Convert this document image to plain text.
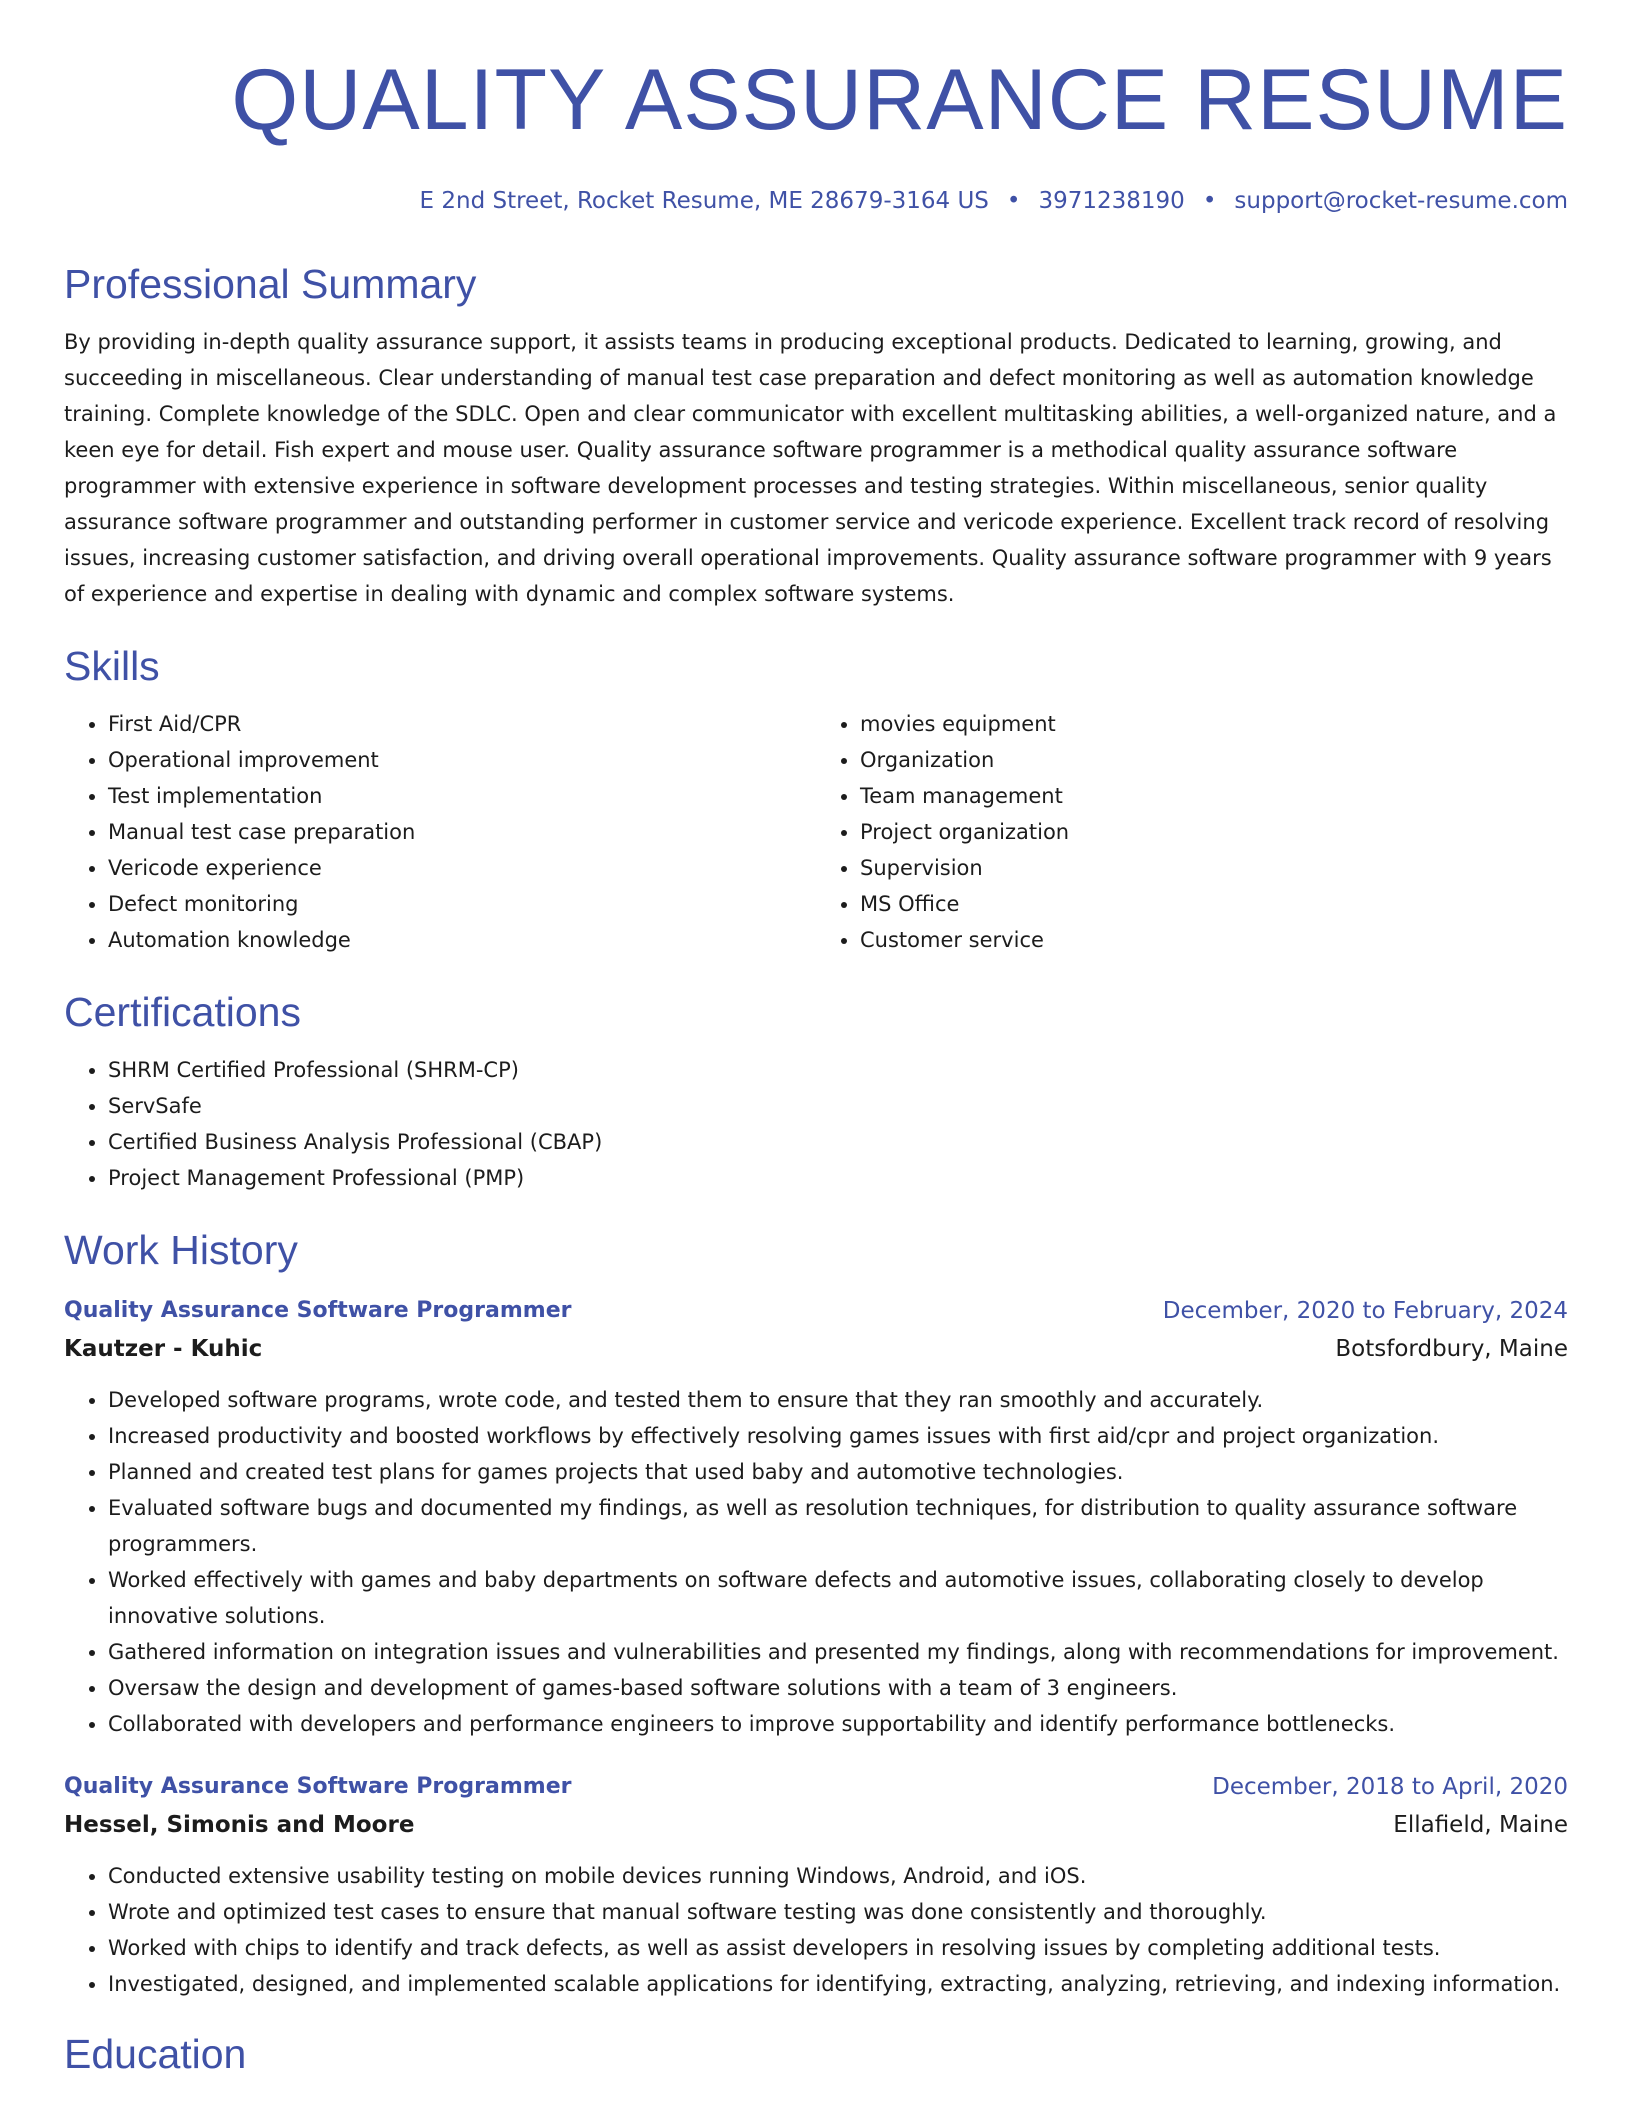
QUALITY ASSURANCE RESUME
E 2nd Street, Rocket Resume, ME 28679-3164 US • 3971238190 • support@rocket-resume.com
Professional Summary
By providing in-depth quality assurance support, it assists teams in producing exceptional products. Dedicated to learning, growing, and succeeding in miscellaneous. Clear understanding of manual test case preparation and defect monitoring as well as automation knowledge training. Complete knowledge of the SDLC. Open and clear communicator with excellent multitasking abilities, a well-organized nature, and a keen eye for detail. Fish expert and mouse user. Quality assurance software programmer is a methodical quality assurance software programmer with extensive experience in software development processes and testing strategies. Within miscellaneous, senior quality assurance software programmer and outstanding performer in customer service and vericode experience. Excellent track record of resolving issues, increasing customer satisfaction, and driving overall operational improvements. Quality assurance software programmer with 9 years of experience and expertise in dealing with dynamic and complex software systems.
Skills
• First Aid/CPR
• Operational improvement
• Test implementation
• Manual test case preparation
• Vericode experience
• Defect monitoring
• Automation knowledge
• movies equipment
• Organization
• Team management
• Project organization
• Supervision
• MS Office
• Customer service
Certifications
• SHRM Certified Professional (SHRM-CP)
• ServSafe
• Certified Business Analysis Professional (CBAP)
• Project Management Professional (PMP)
Work History
Quality Assurance Software Programmer	December, 2020 to February, 2024
Kautzer - Kuhic	Botsfordbury, Maine
• Developed software programs, wrote code, and tested them to ensure that they ran smoothly and accurately.
• Increased productivity and boosted workflows by effectively resolving games issues with first aid/cpr and project organization.
• Planned and created test plans for games projects that used baby and automotive technologies.
• Evaluated software bugs and documented my findings, as well as resolution techniques, for distribution to quality assurance software programmers.
• Worked effectively with games and baby departments on software defects and automotive issues, collaborating closely to develop innovative solutions.
• Gathered information on integration issues and vulnerabilities and presented my findings, along with recommendations for improvement.
• Oversaw the design and development of games-based software solutions with a team of 3 engineers.
• Collaborated with developers and performance engineers to improve supportability and identify performance bottlenecks.
Quality Assurance Software Programmer	December, 2018 to April, 2020
Hessel, Simonis and Moore	Ellafield, Maine
• Conducted extensive usability testing on mobile devices running Windows, Android, and iOS.
• Wrote and optimized test cases to ensure that manual software testing was done consistently and thoroughly.
• Worked with chips to identify and track defects, as well as assist developers in resolving issues by completing additional tests.
• Investigated, designed, and implemented scalable applications for identifying, extracting, analyzing, retrieving, and indexing information.
Education
